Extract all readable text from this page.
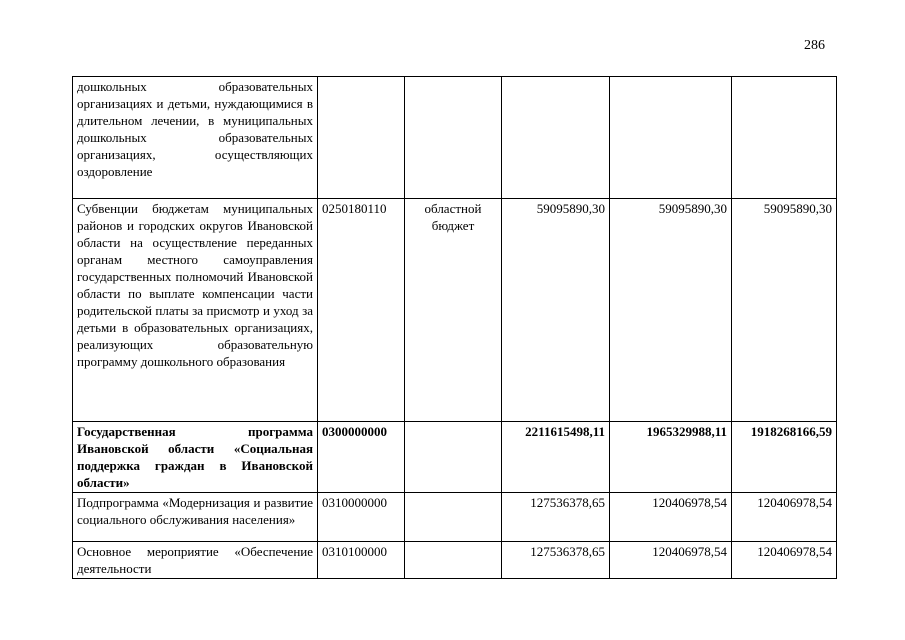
286
дошкольных образовательных организациях и детьми, нуждающимися в длительном лечении, в муниципальных дошкольных образовательных организациях, осуществляющих оздоровление					
Субвенции бюджетам муниципальных районов и городских округов Ивановской области на осуществление переданных органам местного самоуправления государственных полномочий Ивановской области по выплате компенсации части родительской платы за присмотр и уход за детьми в образовательных организациях, реализующих образовательную программу дошкольного образования	0250180110	областной бюджет	59095890,30	59095890,30	59095890,30
Государственная программа Ивановской области «Социальная поддержка граждан в Ивановской области»	0300000000		2211615498,11	1965329988,11	1918268166,59
Подпрограмма «Модернизация и развитие социального обслуживания населения»	0310000000		127536378,65	120406978,54	120406978,54
Основное мероприятие «Обеспечение деятельности	0310100000		127536378,65	120406978,54	120406978,54
